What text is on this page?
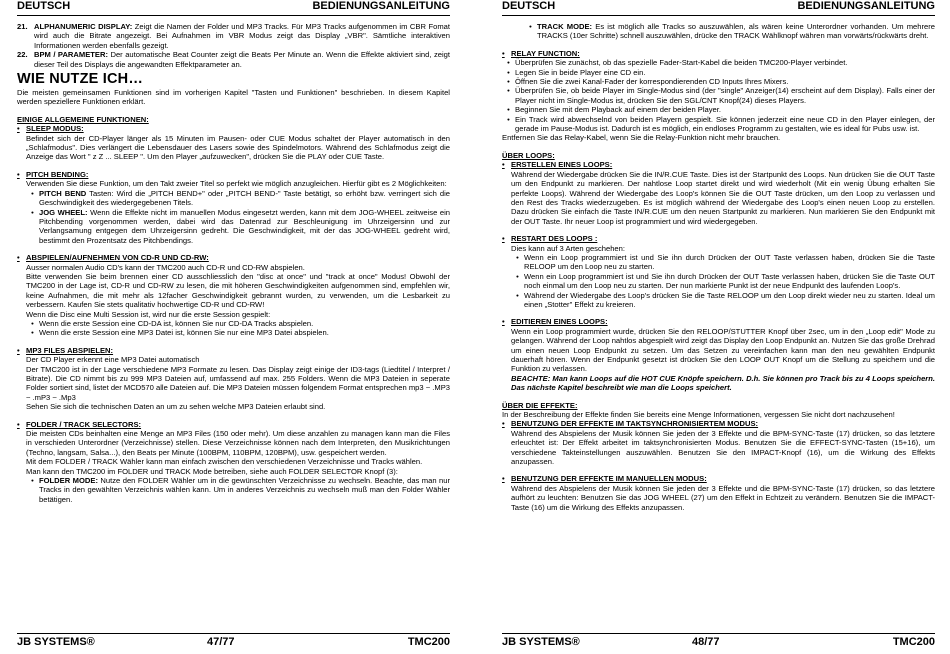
DEUTSCH	BEDIENUNGSANLEITUNG
21. ALPHANUMERIC DISPLAY: Zeigt die Namen der Folder und MP3 Tracks. Für MP3 Tracks aufgenommen im CBR Fomat wird auch die Bitrate angezeigt. Bei Aufnahmen im VBR Modus zeigt das Display „VBR". Sämtliche interaktiven Informationen werden ebenfalls gezeigt.
22. BPM / PARAMETER: Der automatische Beat Counter zeigt die Beats Per Minute an. Wenn die Effekte aktiviert sind, zeigt dieser Teil des Displays die angewandten Effektparameter an.
WIE NUTZE ICH…

Die meisten gemeinsamen Funktionen sind im vorherigen Kapitel "Tasten und Funktionen" beschrieben. In diesem Kapitel werden speziellere Funktionen erklärt.

EINIGE ALLGEMEINE FUNKTIONEN:

• SLEEP MODUS:

Befindet sich der CD-Player länger als 15 Minuten im Pausen- oder CUE Modus schaltet der Player automatisch in den „Schlafmodus". Dies verlängert die Lebensdauer des Lasers sowie des Spindelmotors. Während des Schlafmodus zeigt die Anzeige das Wort " z Z ... SLEEP ". Um den Player „aufzuwecken", drücken Sie die PLAY oder CUE Taste.

• PITCH BENDING:

Verwenden Sie diese Funktion, um den Takt zweier Titel so perfekt wie möglich anzugleichen. Hierfür gibt es 2 Möglichkeiten:

• PITCH BEND Tasten: Wird die „PITCH BEND+" oder „PITCH BEND-" Taste betätigt, so erhöht bzw. verringert sich die Geschwindigkeit des wiedergegebenen Titels.
• JOG WHEEL: Wenn die Effekte nicht im manuellen Modus eingesetzt werden, kann mit dem JOG-WHEEL zeitweise ein Pitchbending vorgenommen werden, dabei wird das Datenrad zur Beschleunigung im Uhrzeigersinn und zur Verlangsamung entgegen dem Uhrzeigersinn gedreht. Die Geschwindigkeit, mit der das JOG-WHEEL gedreht wird, bestimmt den Prozentsatz des Pitchbendings.
• ABSPIELEN/AUFNEHMEN VON CD-R UND CD-RW:

Ausser normalen Audio CD's kann der TMC200 auch CD-R und CD-RW abspielen.

Bitte verwenden Sie beim brennen einer CD ausschliesslich den "disc at once" und "track at once" Modus! Obwohl der TMC200 in der Lage ist, CD-R und CD-RW zu lesen, die mit höheren Geschwindigkeiten aufgenommen sind, empfehlen wir, keine Aufnahmen, die mit mehr als 12facher Geschwindigkeit gebrannt wurden, zu verwenden, um die Lesbarkeit zu verbessern. Kaufen Sie stets qualitativ hochwertige CD-R und CD-RW!

Wenn die Disc eine Multi Session ist, wird nur die erste Session gespielt:

• Wenn die erste Session eine CD-DA ist, können Sie nur CD-DA Tracks abspielen.
• Wenn die erste Session eine MP3 Datei ist, können Sie nur eine MP3 Datei abspielen.
• MP3 FILES ABSPIELEN:

Der CD Player erkennt eine MP3 Datei automatisch

Der TMC200 ist in der Lage verschiedene MP3 Formate zu lesen. Das Display zeigt einige der ID3-tags (Liedtitel / Interpret / Bitrate). Die CD nimmt bis zu 999 MP3 Dateien auf, umfassend auf max. 255 Folders. Wenn die MP3 Dateien in seperate Folder sortiert sind, listet der MCD570 alle Dateien auf. Die MP3 Dateien müssen folgendem Format entsprechen mp3 ~ .MP3 ~ .mP3 ~ .Mp3

Sehen Sie sich die technischen Daten an um zu sehen welche MP3 Dateien erlaubt sind.

• FOLDER / TRACK SELECTORS:

Die meisten CDs beinhalten eine Menge an MP3 Files (150 oder mehr). Um diese anzahlen zu managen kann man die Files in verschieden Unterordner (Verzeichnisse) stellen. Diese Verzeichnisse können nach dem Interpreten, den Musikrichtungen (Techno, langsam, Salsa...), den Beats per Minute (100BPM, 110BPM, 120BPM), usw. gespeichert werden.

Mit dem FOLDER / TRACK Wähler kann man einfach zwischen den verschiedenen Verzeichnisse und Tracks wählen.

Man kann den TMC200 im FOLDER und TRACK Mode betreiben, siehe auch FOLDER SELECTOR Knopf (3):

• FOLDER MODE: Nutze den FOLDER Wähler um in die gewünschten Verzeichnisse zu wechseln. Beachte, das man nur Tracks in den gewählten Verzeichnis wählen kann. Um in anderes Verzeichnis zu wechseln muß man den Folder Wähler betätigen.
JB SYSTEMS®	47/77	TMC200
DEUTSCH	BEDIENUNGSANLEITUNG
• TRACK MODE: Es ist möglich alle Tracks so auszuwählen, als wären keine Unterordner vorhanden. Um mehrere TRACKS (10er Schritte) schnell auszuwählen, drücke den TRACK Wählknopf währen man vorwärts/rückwärts dreht.
• RELAY FUNCTION:
• Überprüfen Sie zunächst, ob das spezielle Fader-Start-Kabel die beiden TMC200-Player verbindet.
• Legen Sie in beide Player eine CD ein.
• Öffnen Sie die zwei Kanal-Fader der korrespondierenden CD Inputs Ihres Mixers.
• Überprüfen Sie, ob beide Player im Single-Modus sind (der "single" Anzeiger(14) erscheint auf dem Display). Falls einer der Player nicht im Single-Modus ist, drücken Sie den SGL/CNT Knopf(24) dieses Players.
• Beginnen Sie mit dem Playback auf einem der beiden Player.
• Ein Track wird abwechselnd von beiden Playern gespielt. Sie können jederzeit eine neue CD in den Player einlegen, der gerade im Pause-Modus ist. Dadurch ist es möglich, ein endloses Programm zu gestalten, wie es ideal für Pubs usw. ist.

Entfernen Sie das Relay-Kabel, wenn Sie die Relay-Funktion nicht mehr brauchen.

ÜBER LOOPS:

• ERSTELLEN EINES LOOPS:

Während der Wiedergabe drücken Sie die IN/R.CUE Taste. Dies ist der Startpunkt des Loops. Nun drücken Sie die OUT Taste um den Endpunkt zu markieren. Der nahtlose Loop startet direkt und wird wiederholt (Mit ein wenig Übung erhalten Sie perfekte Loops). Während der Wiedergabe des Loop's können Sie die OUT Taste drücken, um den Loop zu verlassen und den Rest des Tracks wiederzugeben. Es ist möglich während der Wiedergabe des Loop's einen neuen Loop zu erstellen. Dazu drücken Sie einfach die Taste IN/R.CUE um den neuen Startpunkt zu markieren. Nun markieren Sie den Endpunkt mit der OUT Taste. Ihr neuer Loop ist programmiert und wird wiedergegeben.

• RESTART DES LOOPS :

Dies kann auf 3 Arten geschehen:

• Wenn ein Loop programmiert ist und Sie ihn durch Drücken der OUT Taste verlassen haben, drücken Sie die Taste RELOOP um den Loop neu zu starten.
• Wenn ein Loop programmiert ist und Sie ihn durch Drücken der OUT Taste verlassen haben, drücken Sie die Taste OUT noch einmal um den Loop neu zu starten. Der nun markierte Punkt ist der neue Endpunkt des laufenden Loop's.
• Während der Wiedergabe des Loop's drücken Sie die Taste RELOOP um den Loop direkt wieder neu zu starten. Ideal um einen „Stotter" Effekt zu kreieren.
• EDITIEREN EINES LOOPS:

Wenn ein Loop programmiert wurde, drücken Sie den RELOOP/STUTTER Knopf über 2sec, um in den „Loop edit" Mode zu gelangen. Während der Loop nahtlos abgespielt wird zeigt das Display den Loop Endpunkt an. Nutzen Sie das große Drehrad um einen neuen Loop Endpunkt zu setzen. Um das Setzen zu vereinfachen kann man den neu gewählten Endpunkt dauerhaft hören. Wenn der Endpunkt gesetzt ist drücken Sie den LOOP OUT Knopf um die Stellung zu speichern und die Funktion zu verlassen.

BEACHTE: Man kann Loops auf die HOT CUE Knöpfe speichern. D.h. Sie können pro Track bis zu 4 Loops speichern. Das nächste Kapitel beschreibt wie man die Loops speichert.

ÜBER DIE EFFEKTE:

In der Beschreibung der Effekte finden Sie bereits eine Menge Informationen, vergessen Sie nicht dort nachzusehen!

• BENUTZUNG DER EFFEKTE IM TAKTSYNCHRONISIERTEM MODUS:

Während des Abspielens der Musik können Sie jeden der 3 Effekte und die BPM-SYNC-Taste (17) drücken, so das letztere erleuchtet ist: Der Effekt arbeitet im taktsynchronisierten Modus. Benutzen Sie die EFFECT-SYNC-Tasten (15+16), um verschiedene Takteinstellungen auszuwählen. Benutzen Sie den IMPACT-Knopf (16), um die Wirkung des Effekts anzupassen.

• BENUTZUNG DER EFFEKTE IM MANUELLEN MODUS:

Während des Abspielens der Musik können Sie jeden der 3 Effekte und die BPM-SYNC-Taste (17) drücken, so das letztere aufhört zu leuchten: Benutzen Sie das JOG WHEEL (27) um den Effekt in Echtzeit zu verändern. Benutzen Sie die IMPACT-Taste (16) um die Wirkung des Effekts anzupassen.

JB SYSTEMS®	48/77	TMC200
